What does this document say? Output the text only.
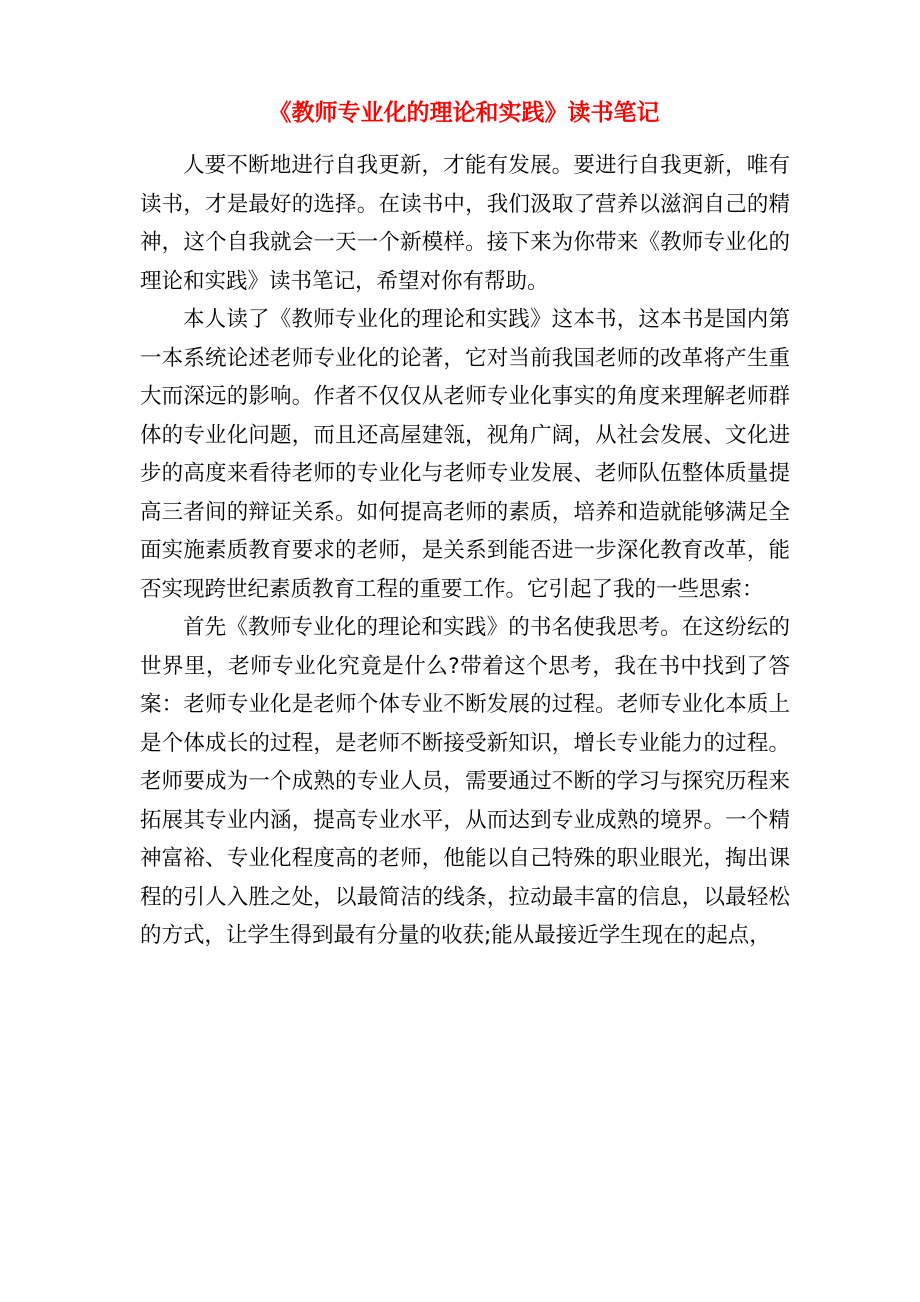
《教师专业化的理论和实践》读书笔记

人要不断地进行自我更新，才能有发展。要进行自我更新，唯有读书，才是最好的选择。在读书中，我们汲取了营养以滋润自己的精神，这个自我就会一天一个新模样。接下来为你带来《教师专业化的理论和实践》读书笔记，希望对你有帮助。

本人读了《教师专业化的理论和实践》这本书，这本书是国内第一本系统论述老师专业化的论著，它对当前我国老师的改革将产生重大而深远的影响。作者不仅仅从老师专业化事实的角度来理解老师群体的专业化问题，而且还高屋建瓴，视角广阔，从社会发展、文化进步的高度来看待老师的专业化与老师专业发展、老师队伍整体质量提高三者间的辩证关系。如何提高老师的素质，培养和造就能够满足全面实施素质教育要求的老师，是关系到能否进一步深化教育改革，能否实现跨世纪素质教育工程的重要工作。它引起了我的一些思索：

首先《教师专业化的理论和实践》的书名使我思考。在这纷纭的世界里，老师专业化究竟是什么?带着这个思考，我在书中找到了答案：老师专业化是老师个体专业不断发展的过程。老师专业化本质上是个体成长的过程，是老师不断接受新知识，增长专业能力的过程。老师要成为一个成熟的专业人员，需要通过不断的学习与探究历程来拓展其专业内涵，提高专业水平，从而达到专业成熟的境界。一个精神富裕、专业化程度高的老师，他能以自己特殊的职业眼光，掏出课程的引人入胜之处，以最简洁的线条，拉动最丰富的信息，以最轻松的方式，让学生得到最有分量的收获;能从最接近学生现在的起点，
